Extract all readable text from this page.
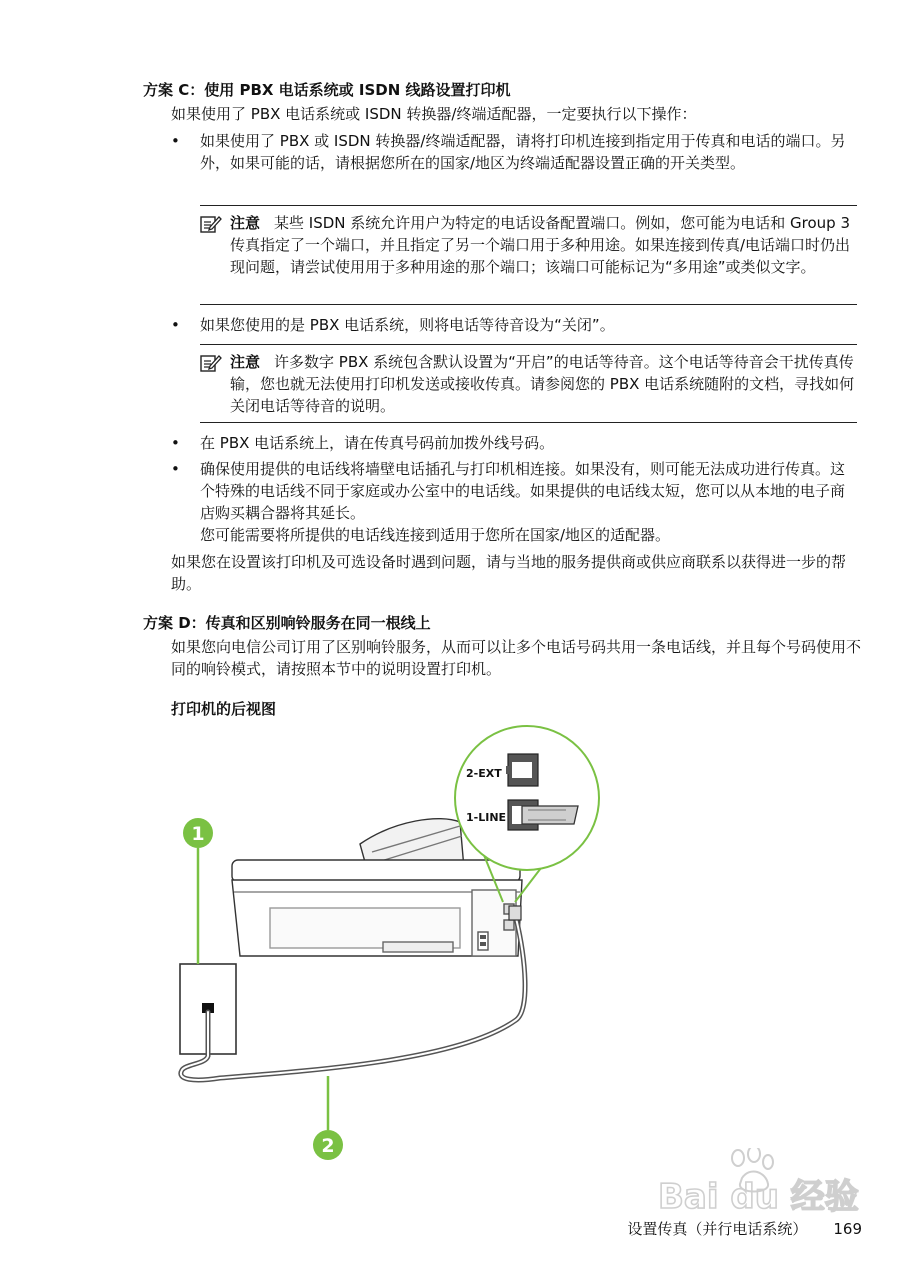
方案 C：使用 PBX 电话系统或 ISDN 线路设置打印机
如果使用了 PBX 电话系统或 ISDN 转换器/终端适配器，一定要执行以下操作：
• 如果使用了 PBX 或 ISDN 转换器/终端适配器，请将打印机连接到指定用于传真和电话的端口。另外，如果可能的话，请根据您所在的国家/地区为终端适配器设置正确的开关类型。
注意 某些 ISDN 系统允许用户为特定的电话设备配置端口。例如，您可能为电话和 Group 3 传真指定了一个端口，并且指定了另一个端口用于多种用途。如果连接到传真/电话端口时仍出现问题，请尝试使用用于多种用途的那个端口；该端口可能标记为“多用途”或类似文字。
• 如果您使用的是 PBX 电话系统，则将电话等待音设为“关闭”。
注意 许多数字 PBX 系统包含默认设置为“开启”的电话等待音。这个电话等待音会干扰传真传输，您也就无法使用打印机发送或接收传真。请参阅您的 PBX 电话系统随附的文档，寻找如何关闭电话等待音的说明。
• 在 PBX 电话系统上，请在传真号码前加拨外线号码。
• 确保使用提供的电话线将墙壁电话插孔与打印机相连接。如果没有，则可能无法成功进行传真。这个特殊的电话线不同于家庭或办公室中的电话线。如果提供的电话线太短，您可以从本地的电子商店购买耦合器将其延长。
您可能需要将所提供的电话线连接到适用于您所在国家/地区的适配器。
如果您在设置该打印机及可选设备时遇到问题，请与当地的服务提供商或供应商联系以获得进一步的帮助。
方案 D：传真和区别响铃服务在同一根线上
如果您向电信公司订用了区别响铃服务，从而可以让多个电话号码共用一条电话线，并且每个号码使用不同的响铃模式，请按照本节中的说明设置打印机。
打印机的后视图
2-EXT
1-LINE
1
2
Bai du 经验
设置传真（并行电话系统） 169
